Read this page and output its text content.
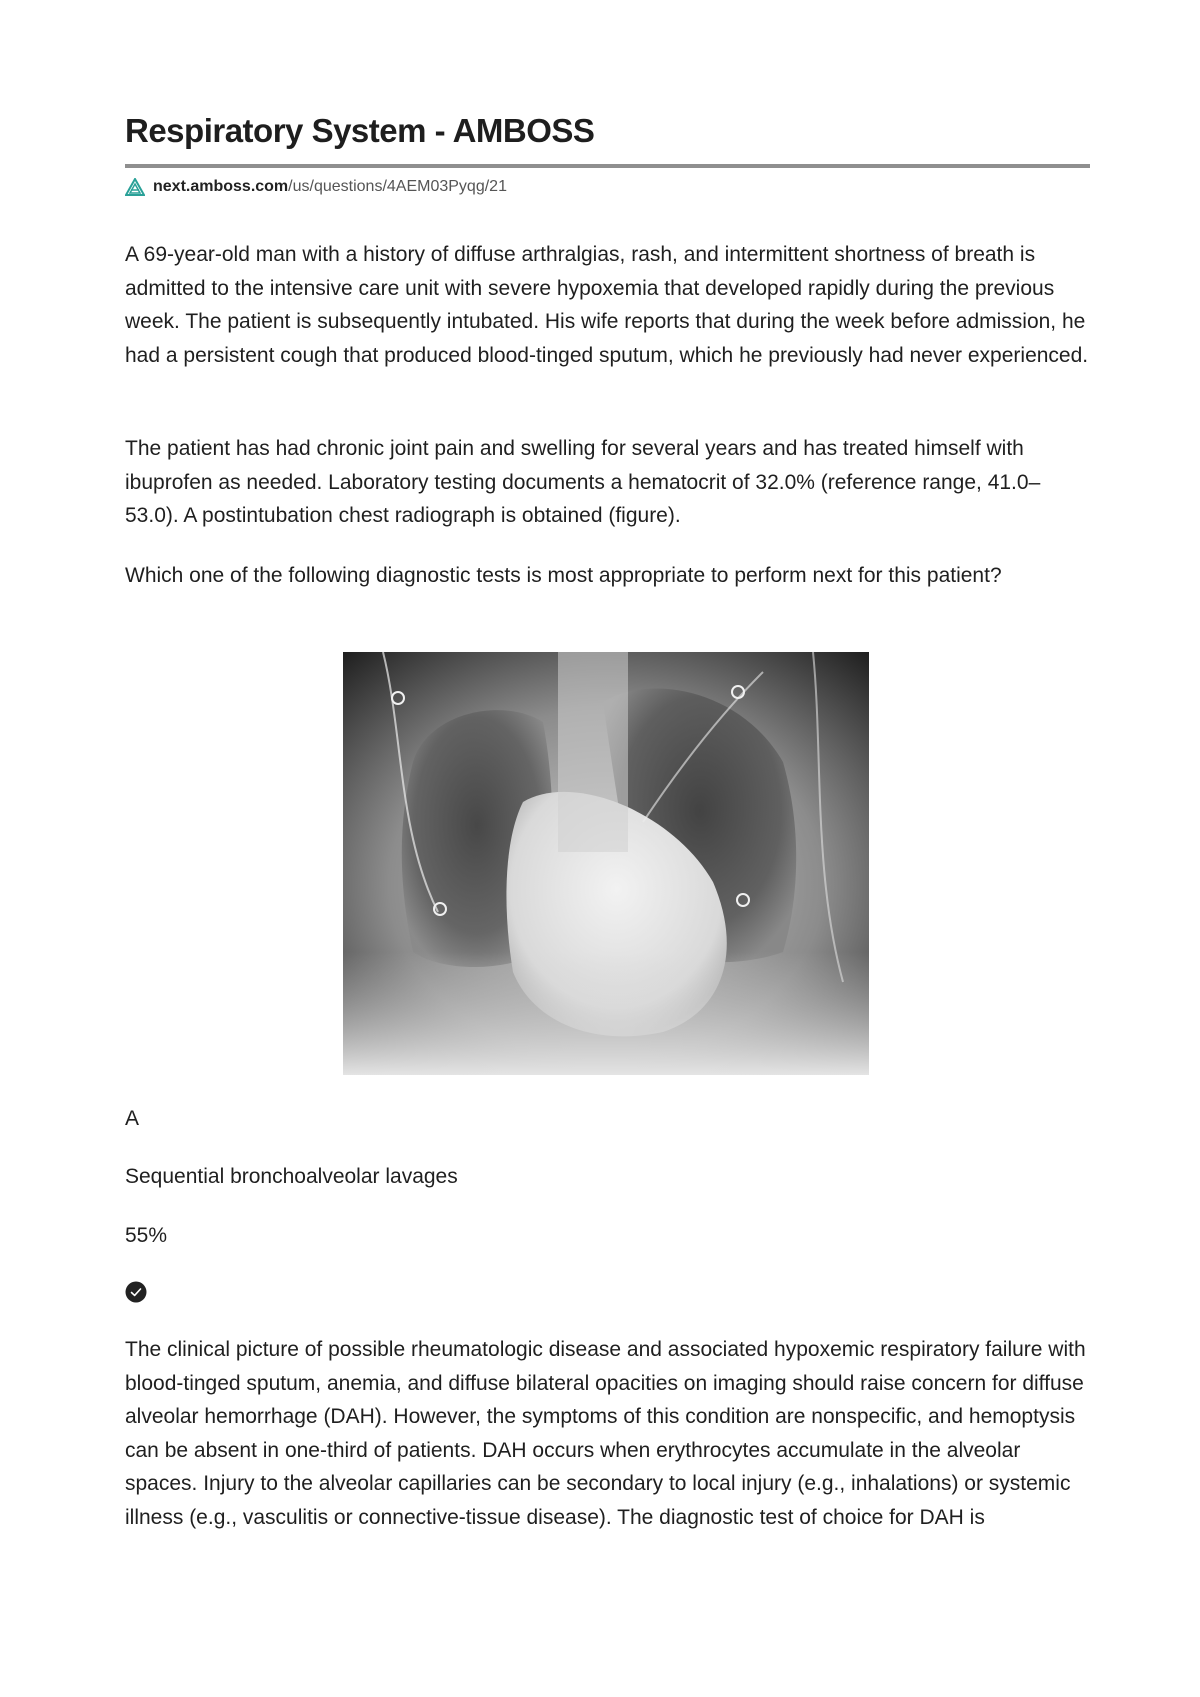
Respiratory System - AMBOSS
next.amboss.com /us/questions/4AEM03Pyqg/21

A 69-year-old man with a history of diffuse arthralgias, rash, and intermittent shortness of breath is admitted to the intensive care unit with severe hypoxemia that developed rapidly during the previous week. The patient is subsequently intubated. His wife reports that during the week before admission, he had a persistent cough that produced blood-tinged sputum, which he previously had never experienced.

The patient has had chronic joint pain and swelling for several years and has treated himself with ibuprofen as needed. Laboratory testing documents a hematocrit of 32.0% (reference range, 41.0–53.0). A postintubation chest radiograph is obtained (figure).

Which one of the following diagnostic tests is most appropriate to perform next for this patient?

A

Sequential bronchoalveolar lavages

55%

The clinical picture of possible rheumatologic disease and associated hypoxemic respiratory failure with blood-tinged sputum, anemia, and diffuse bilateral opacities on imaging should raise concern for diffuse alveolar hemorrhage (DAH). However, the symptoms of this condition are nonspecific, and hemoptysis can be absent in one-third of patients. DAH occurs when erythrocytes accumulate in the alveolar spaces. Injury to the alveolar capillaries can be secondary to local injury (e.g., inhalations) or systemic illness (e.g., vasculitis or connective-tissue disease). The diagnostic test of choice for DAH is
